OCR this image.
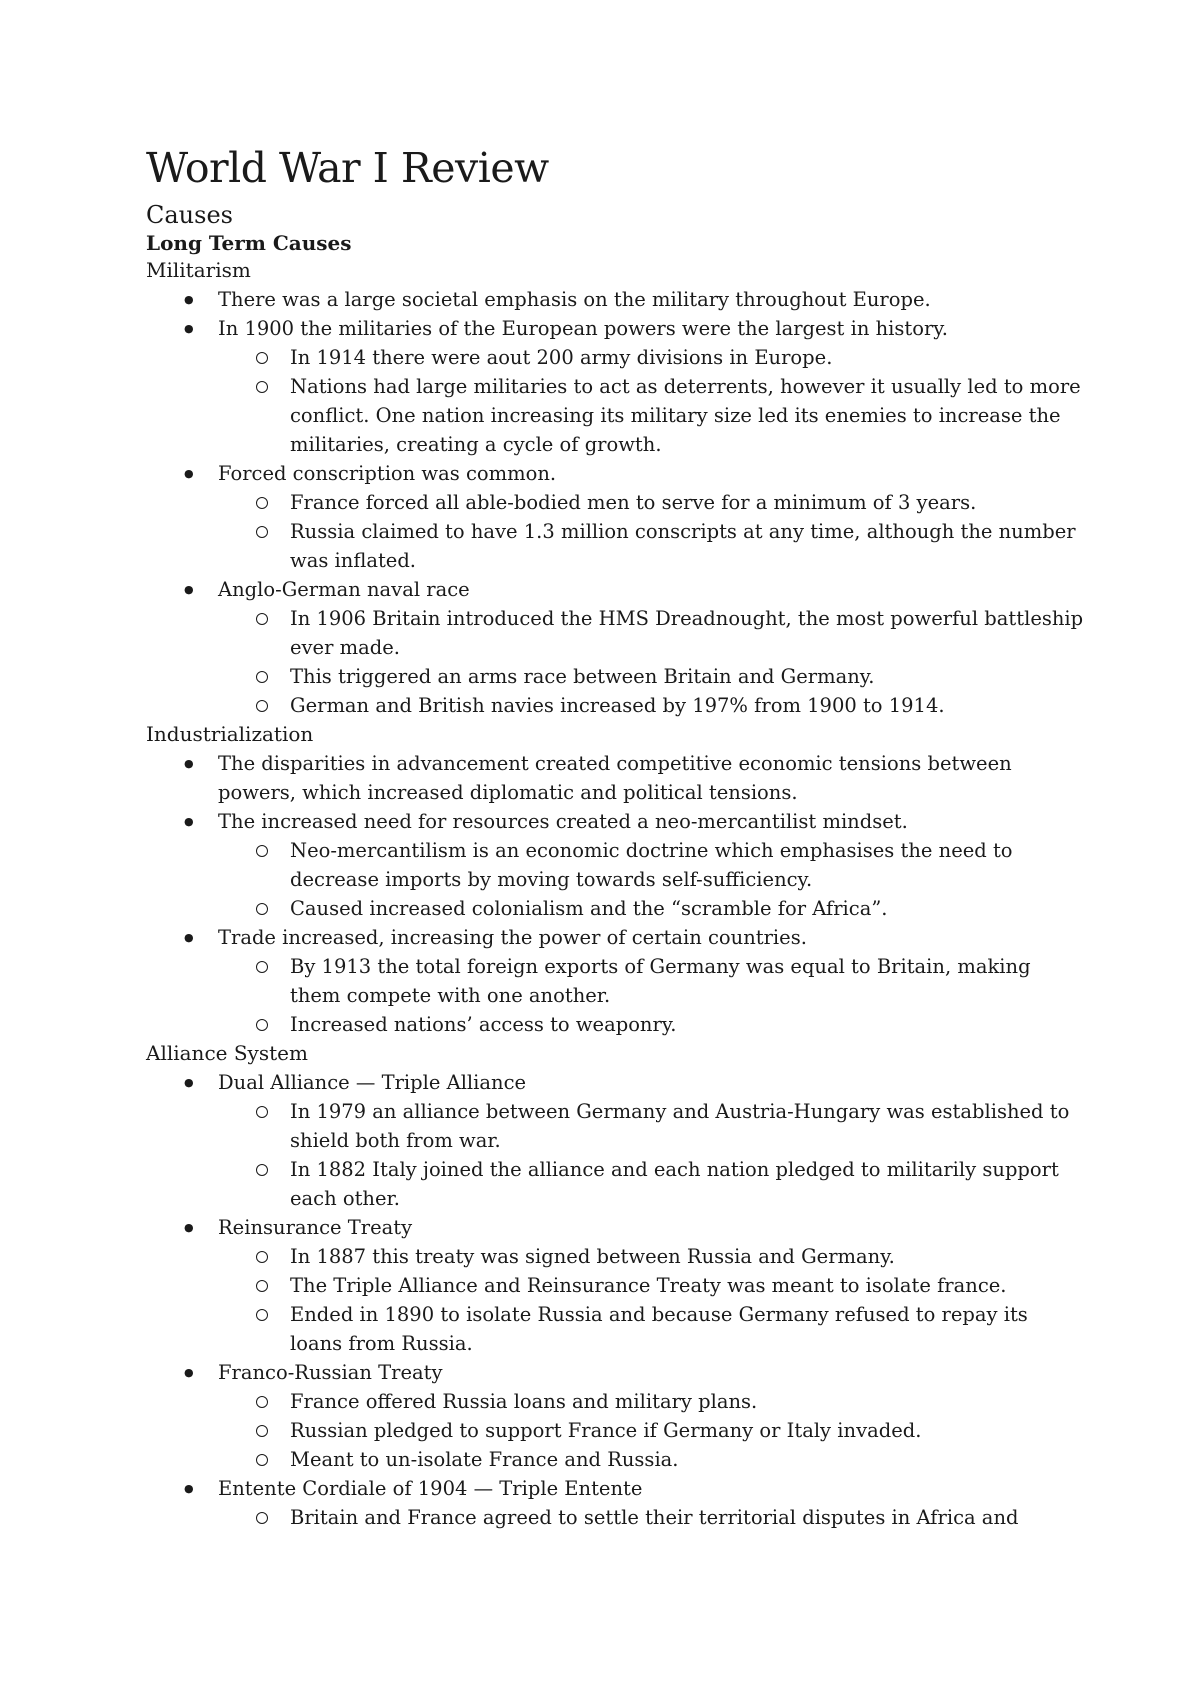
World War I Review
Causes
Long Term Causes
Militarism
● There was a large societal emphasis on the military throughout Europe.
● In 1900 the militaries of the European powers were the largest in history.
In 1914 there were aout 200 army divisions in Europe.
Nations had large militaries to act as deterrents, however it usually led to more conflict. One nation increasing its military size led its enemies to increase the militaries, creating a cycle of growth.
● Forced conscription was common.
France forced all able-bodied men to serve for a minimum of 3 years.
Russia claimed to have 1.3 million conscripts at any time, although the number was inflated.
● Anglo-German naval race
In 1906 Britain introduced the HMS Dreadnought, the most powerful battleship ever made.
This triggered an arms race between Britain and Germany.
German and British navies increased by 197% from 1900 to 1914.
Industrialization
● The disparities in advancement created competitive economic tensions between powers, which increased diplomatic and political tensions.
● The increased need for resources created a neo-mercantilist mindset.
Neo-mercantilism is an economic doctrine which emphasises the need to decrease imports by moving towards self-sufficiency.
Caused increased colonialism and the “scramble for Africa”.
● Trade increased, increasing the power of certain countries.
By 1913 the total foreign exports of Germany was equal to Britain, making them compete with one another.
Increased nations’ access to weaponry.
Alliance System
● Dual Alliance — Triple Alliance
In 1979 an alliance between Germany and Austria-Hungary was established to shield both from war.
In 1882 Italy joined the alliance and each nation pledged to militarily support each other.
● Reinsurance Treaty
In 1887 this treaty was signed between Russia and Germany.
The Triple Alliance and Reinsurance Treaty was meant to isolate france.
Ended in 1890 to isolate Russia and because Germany refused to repay its loans from Russia.
● Franco-Russian Treaty
France offered Russia loans and military plans.
Russian pledged to support France if Germany or Italy invaded.
Meant to un-isolate France and Russia.
● Entente Cordiale of 1904 — Triple Entente
Britain and France agreed to settle their territorial disputes in Africa and
